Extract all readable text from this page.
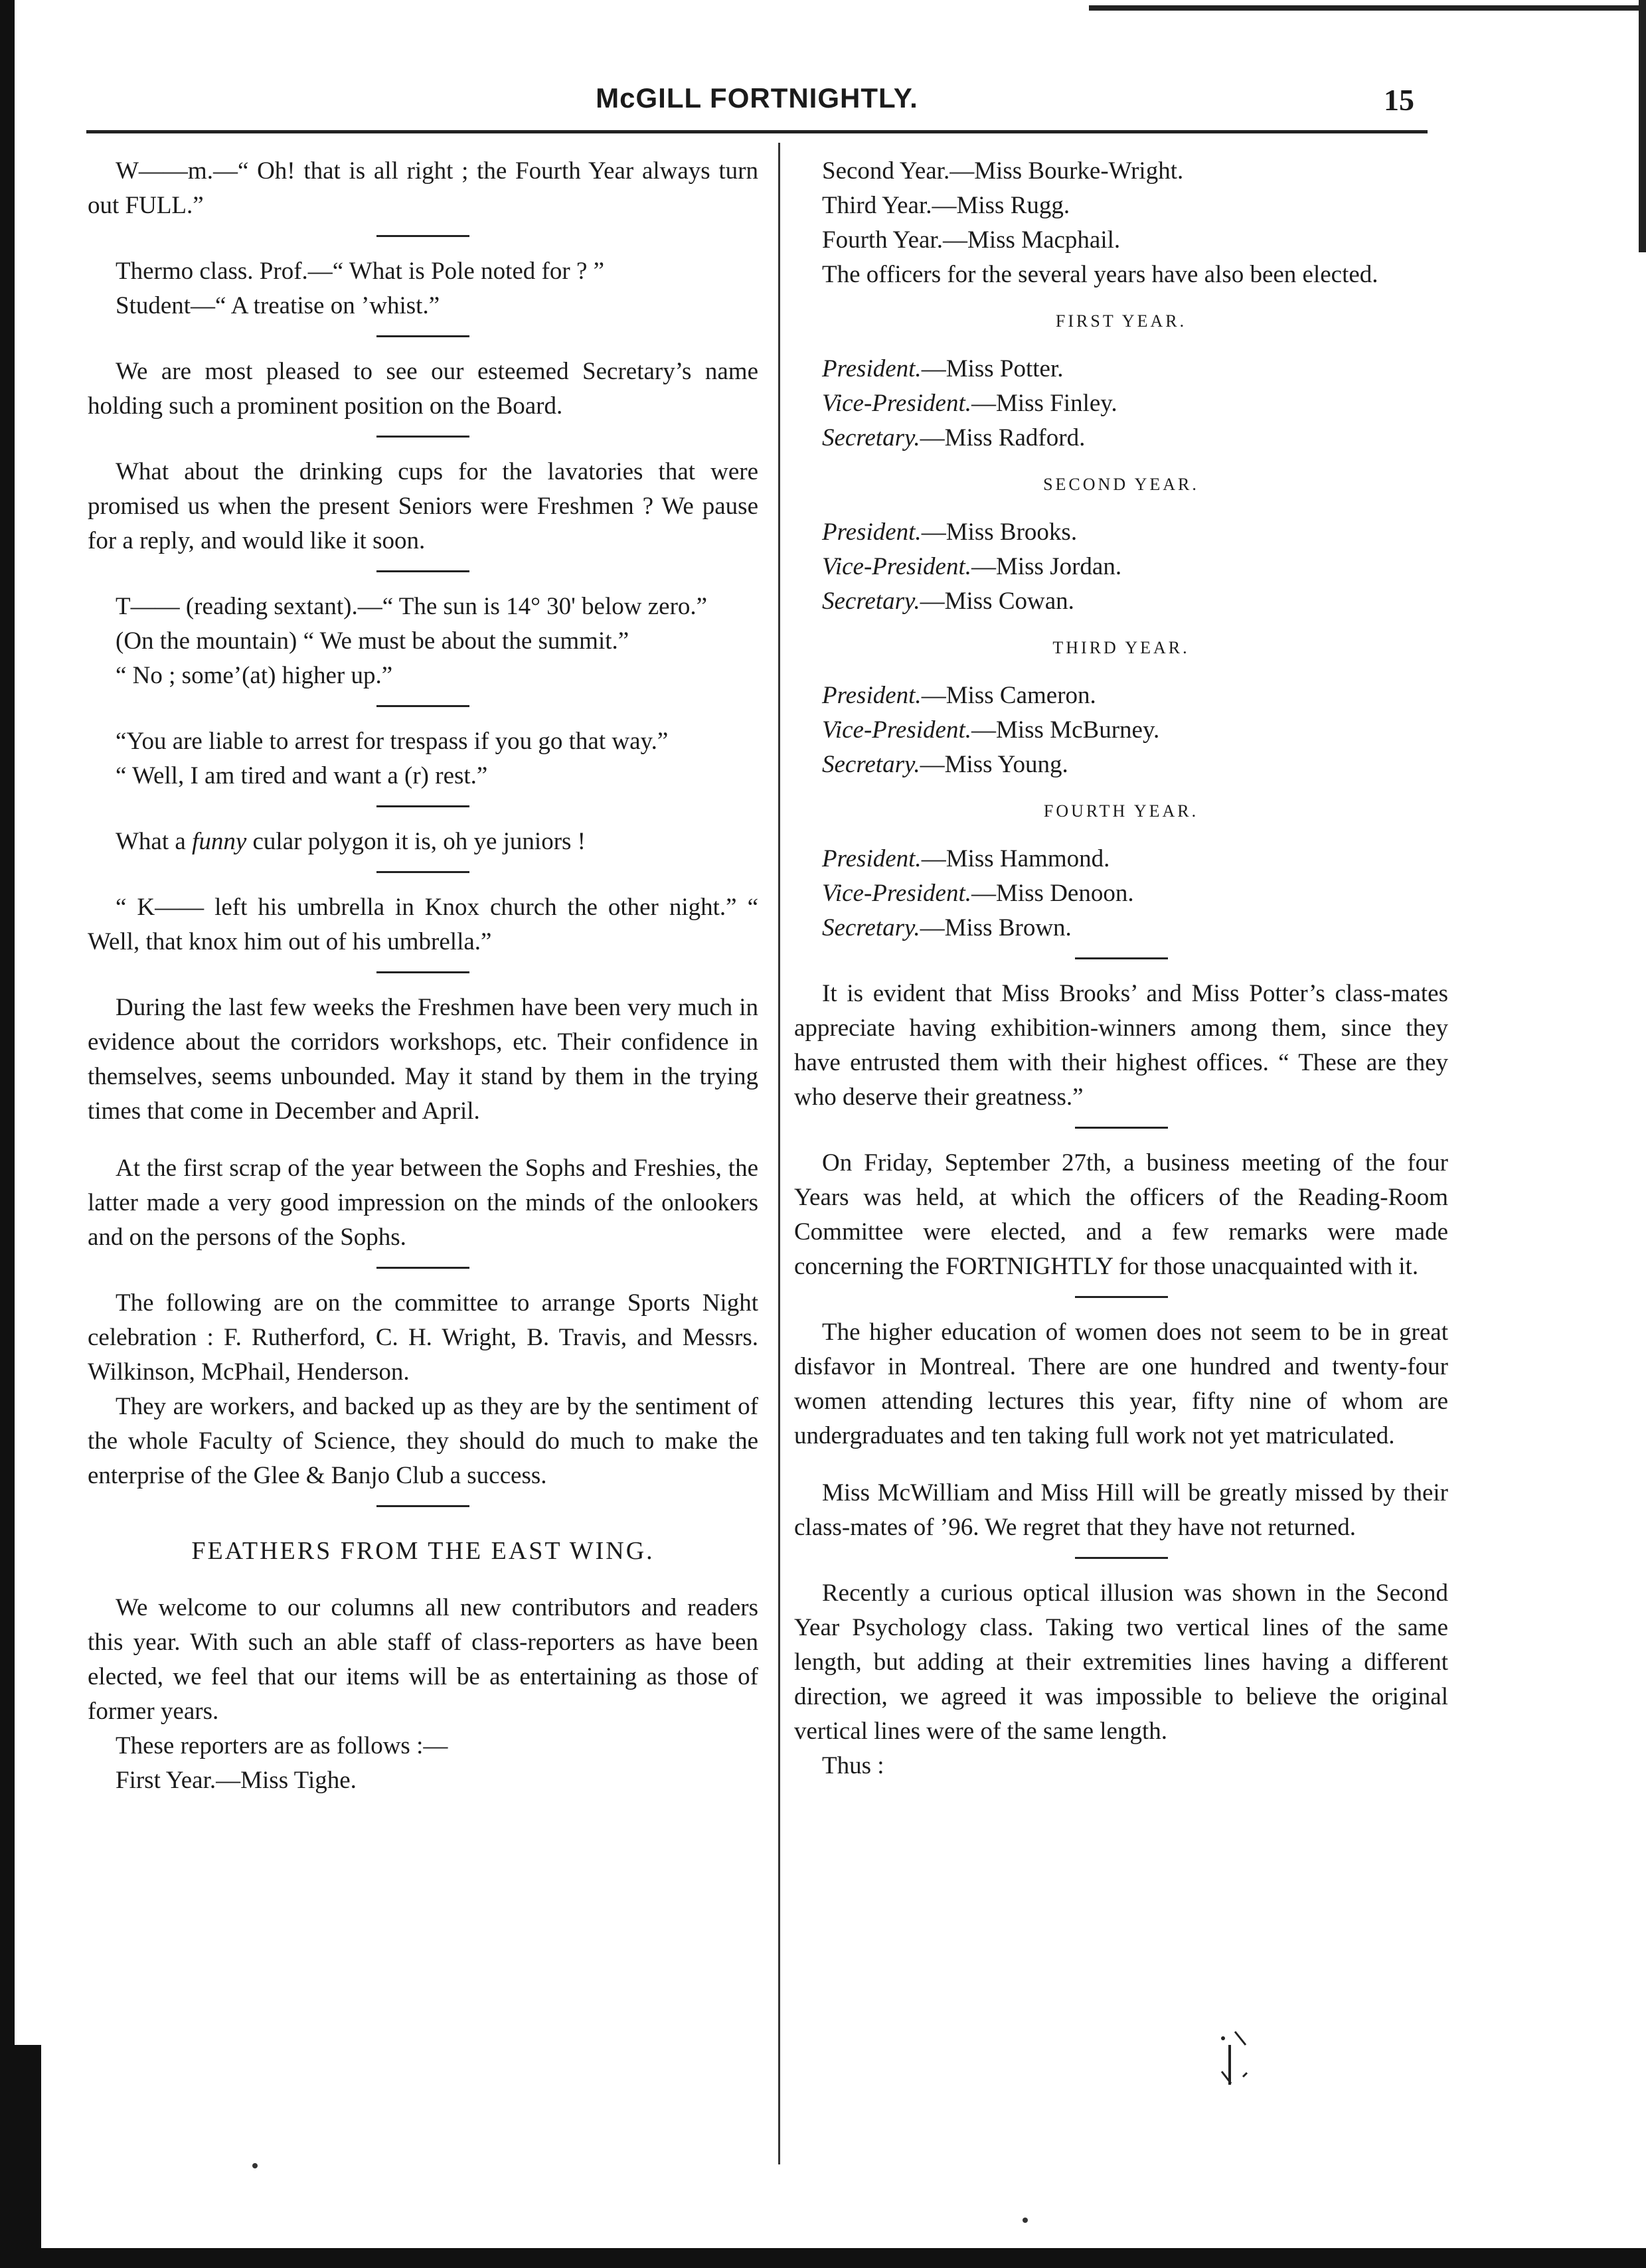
McGILL FORTNIGHTLY.	15

W——m.—“ Oh! that is all right ; the Fourth Year always turn out FULL.”

Thermo class. Prof.—“ What is Pole noted for ? ”

Student—“ A treatise on ’whist.”

We are most pleased to see our esteemed Secretary’s name holding such a prominent position on the Board.

What about the drinking cups for the lavatories that were promised us when the present Seniors were Freshmen ? We pause for a reply, and would like it soon.

T—— (reading sextant).—“ The sun is 14° 30' below zero.”

(On the mountain) “ We must be about the summit.”

“ No ; some’(at) higher up.”

“You are liable to arrest for trespass if you go that way.”

“ Well, I am tired and want a (r) rest.”

What a funny cular polygon it is, oh ye juniors !

“ K—— left his umbrella in Knox church the other night.” “ Well, that knox him out of his umbrella.”

During the last few weeks the Freshmen have been very much in evidence about the corridors workshops, etc. Their confidence in themselves, seems unbounded. May it stand by them in the trying times that come in December and April.

At the first scrap of the year between the Sophs and Freshies, the latter made a very good impression on the minds of the onlookers and on the persons of the Sophs.

The following are on the committee to arrange Sports Night celebration : F. Rutherford, C. H. Wright, B. Travis, and Messrs. Wilkinson, McPhail, Henderson.

They are workers, and backed up as they are by the sentiment of the whole Faculty of Science, they should do much to make the enterprise of the Glee & Banjo Club a success.

FEATHERS FROM THE EAST WING.

We welcome to our columns all new contributors and readers this year. With such an able staff of class-reporters as have been elected, we feel that our items will be as entertaining as those of former years.

These reporters are as follows :—

First Year.—Miss Tighe.

Second Year.—Miss Bourke-Wright.

Third Year.—Miss Rugg.

Fourth Year.—Miss Macphail.

The officers for the several years have also been elected.

FIRST YEAR.

President.—Miss Potter.

Vice-President.—Miss Finley.

Secretary.—Miss Radford.

SECOND YEAR.

President.—Miss Brooks.

Vice-President.—Miss Jordan.

Secretary.—Miss Cowan.

THIRD YEAR.

President.—Miss Cameron.

Vice-President.—Miss McBurney.

Secretary.—Miss Young.

FOURTH YEAR.

President.—Miss Hammond.

Vice-President.—Miss Denoon.

Secretary.—Miss Brown.

It is evident that Miss Brooks’ and Miss Potter’s class-mates appreciate having exhibition-winners among them, since they have entrusted them with their highest offices. “ These are they who deserve their greatness.”

On Friday, September 27th, a business meeting of the four Years was held, at which the officers of the Reading-Room Committee were elected, and a few remarks were made concerning the FORTNIGHTLY for those unacquainted with it.

The higher education of women does not seem to be in great disfavor in Montreal. There are one hundred and twenty-four women attending lectures this year, fifty nine of whom are undergraduates and ten taking full work not yet matriculated.

Miss McWilliam and Miss Hill will be greatly missed by their class-mates of ’96. We regret that they have not returned.

Recently a curious optical illusion was shown in the Second Year Psychology class. Taking two vertical lines of the same length, but adding at their extremities lines having a different direction, we agreed it was impossible to believe the original vertical lines were of the same length.

Thus :
